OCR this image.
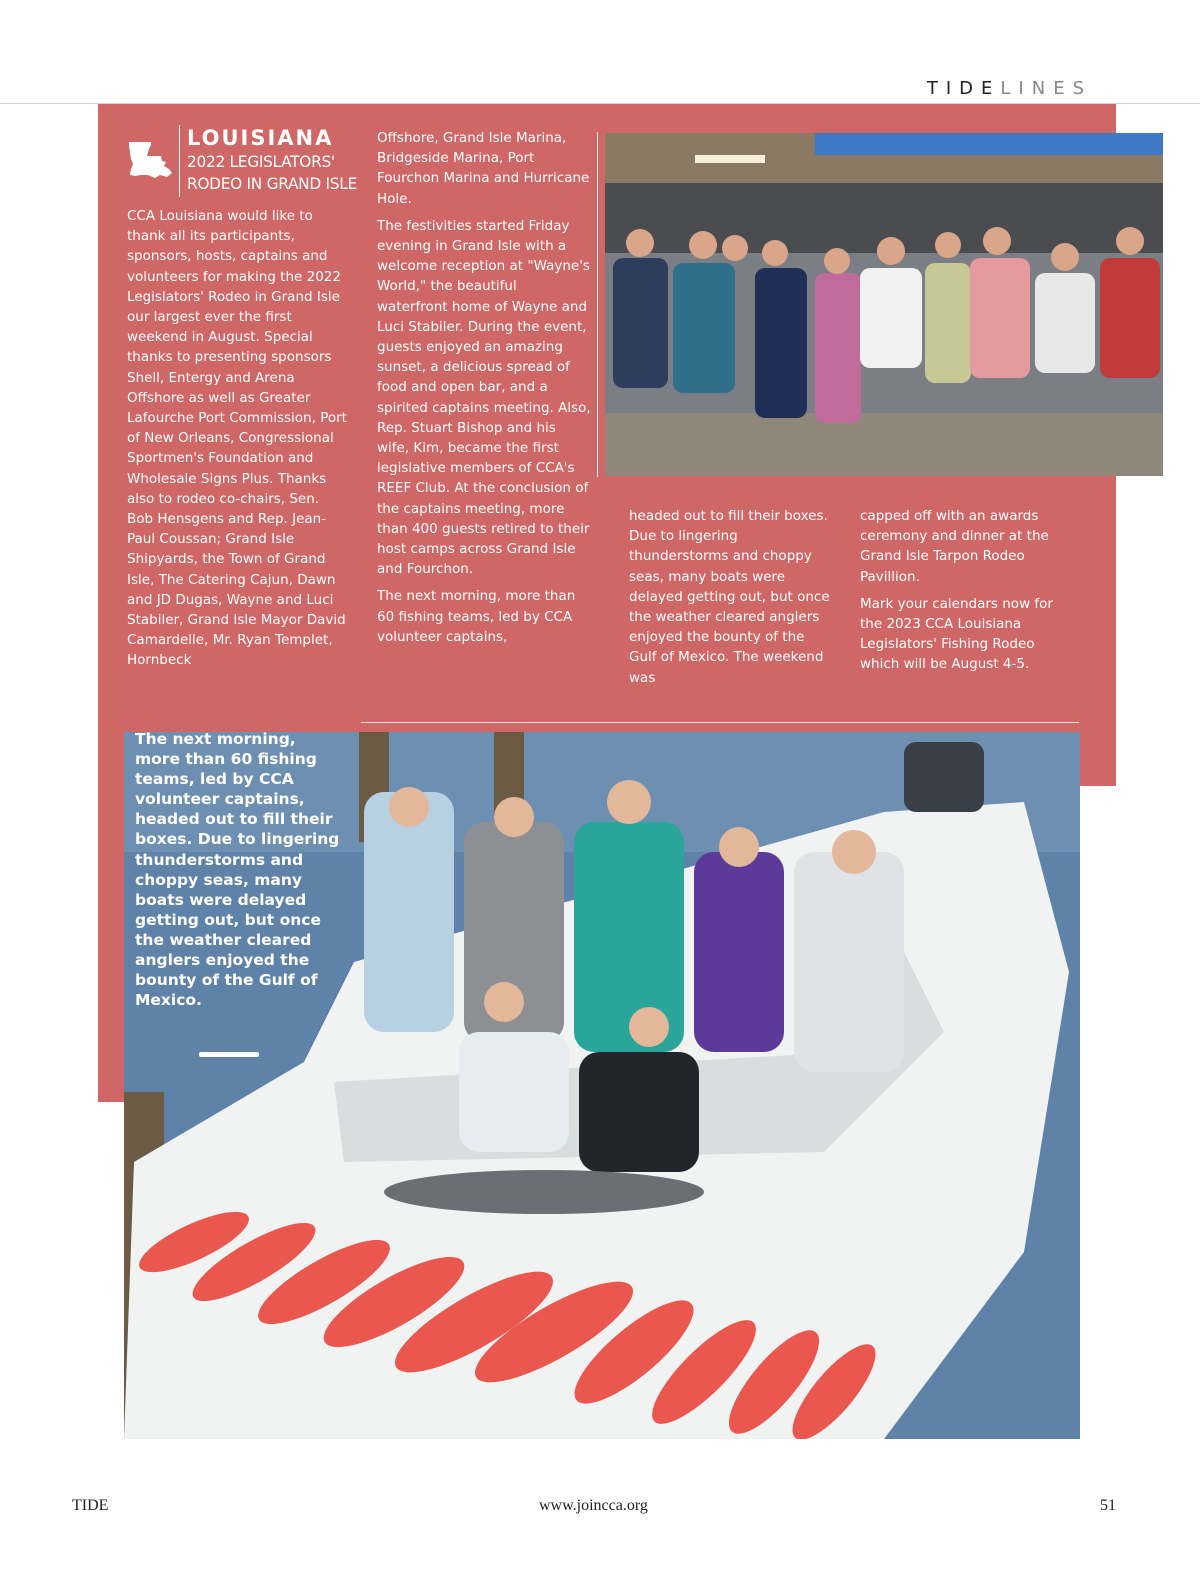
TIDELINES
LOUISIANA
2022 LEGISLATORS'
RODEO IN GRAND ISLE

CCA Louisiana would like to thank all its participants, sponsors, hosts, captains and volunteers for making the 2022 Legislators' Rodeo in Grand Isle our largest ever the first weekend in August. Special thanks to presenting sponsors Shell, Entergy and Arena Offshore as well as Greater Lafourche Port Commission, Port of New Orleans, Congressional Sportmen's Foundation and Wholesale Signs Plus. Thanks also to rodeo co-chairs, Sen. Bob Hensgens and Rep. Jean-Paul Coussan; Grand Isle Shipyards, the Town of Grand Isle, The Catering Cajun, Dawn and JD Dugas, Wayne and Luci Stabiler, Grand Isle Mayor David Camardelle, Mr. Ryan Templet, Hornbeck

Offshore, Grand Isle Marina, Bridgeside Marina, Port Fourchon Marina and Hurricane Hole.

The festivities started Friday evening in Grand Isle with a welcome reception at "Wayne's World," the beautiful waterfront home of Wayne and Luci Stabiler. During the event, guests enjoyed an amazing sunset, a delicious spread of food and open bar, and a spirited captains meeting. Also, Rep. Stuart Bishop and his wife, Kim, became the first legislative members of CCA's REEF Club. At the conclusion of the captains meeting, more than 400 guests retired to their host camps across Grand Isle and Fourchon.

The next morning, more than 60 fishing teams, led by CCA volunteer captains,

headed out to fill their boxes. Due to lingering thunderstorms and choppy seas, many boats were delayed getting out, but once the weather cleared anglers enjoyed the bounty of the Gulf of Mexico. The weekend was

capped off with an awards ceremony and dinner at the Grand Isle Tarpon Rodeo Pavillion.

Mark your calendars now for the 2023 CCA Louisiana Legislators' Fishing Rodeo which will be August 4-5.

The next morning, more than 60 fishing teams, led by CCA volunteer captains, headed out to fill their boxes. Due to lingering thunderstorms and choppy seas, many boats were delayed getting out, but once the weather cleared anglers enjoyed the bounty of the Gulf of Mexico.
TIDE	www.joincca.org	51
